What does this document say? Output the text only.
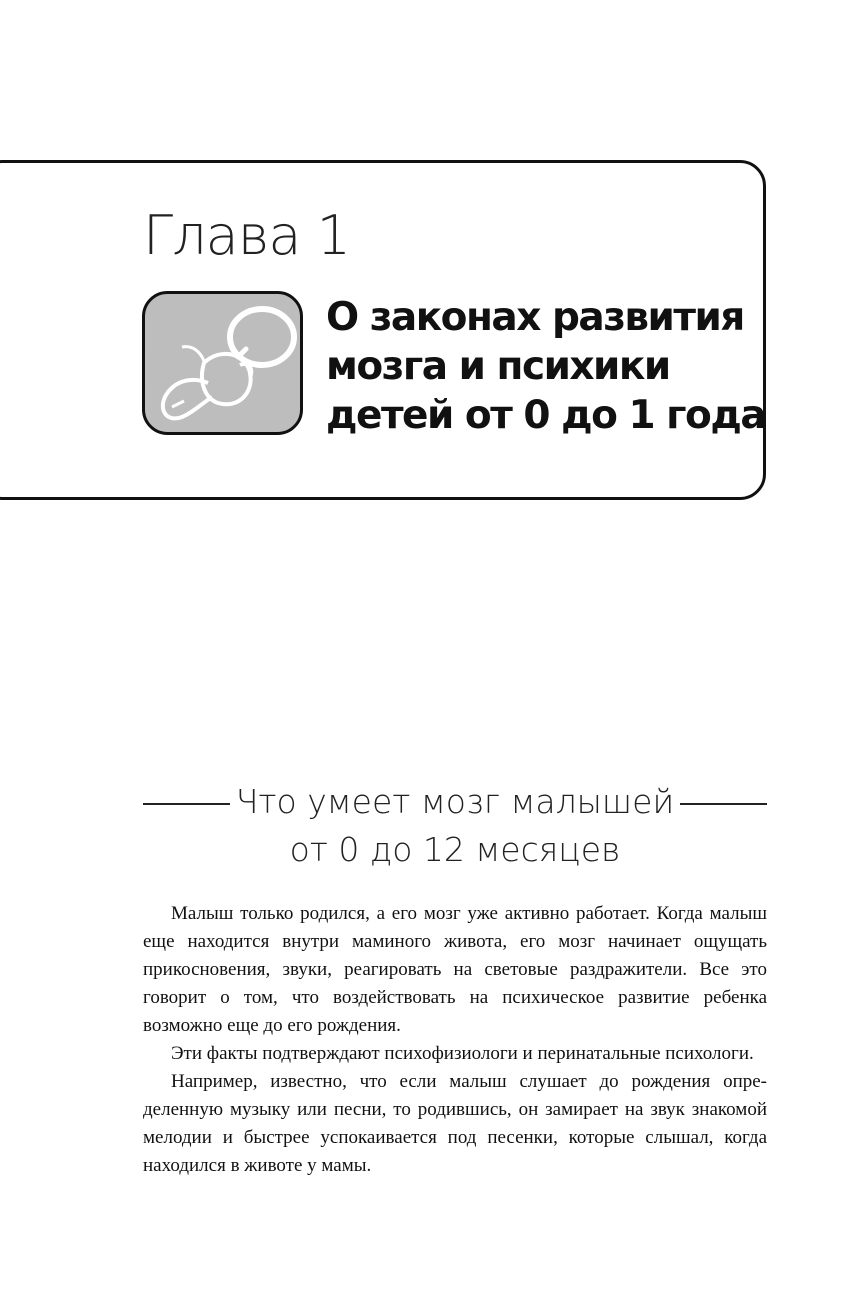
Глава 1
О законах развития
мозга и психики
детей от 0 до 1 года
Что умеет мозг малышей
от 0 до 12 месяцев

Малыш только родился, а его мозг уже активно работает. Когда малыш еще находится внутри маминого живота, его мозг начинает ощущать прикосновения, звуки, реагировать на световые раздражители. Все это говорит о том, что воздействовать на психическое развитие ребенка возможно еще до его рождения.

Эти факты подтверждают психофизиологи и перинатальные психологи.

Например, известно, что если малыш слушает до рождения определенную музыку или песни, то родившись, он замирает на звук знакомой мелодии и быстрее успокаивается под песенки, которые слышал, когда находился в животе у мамы.
